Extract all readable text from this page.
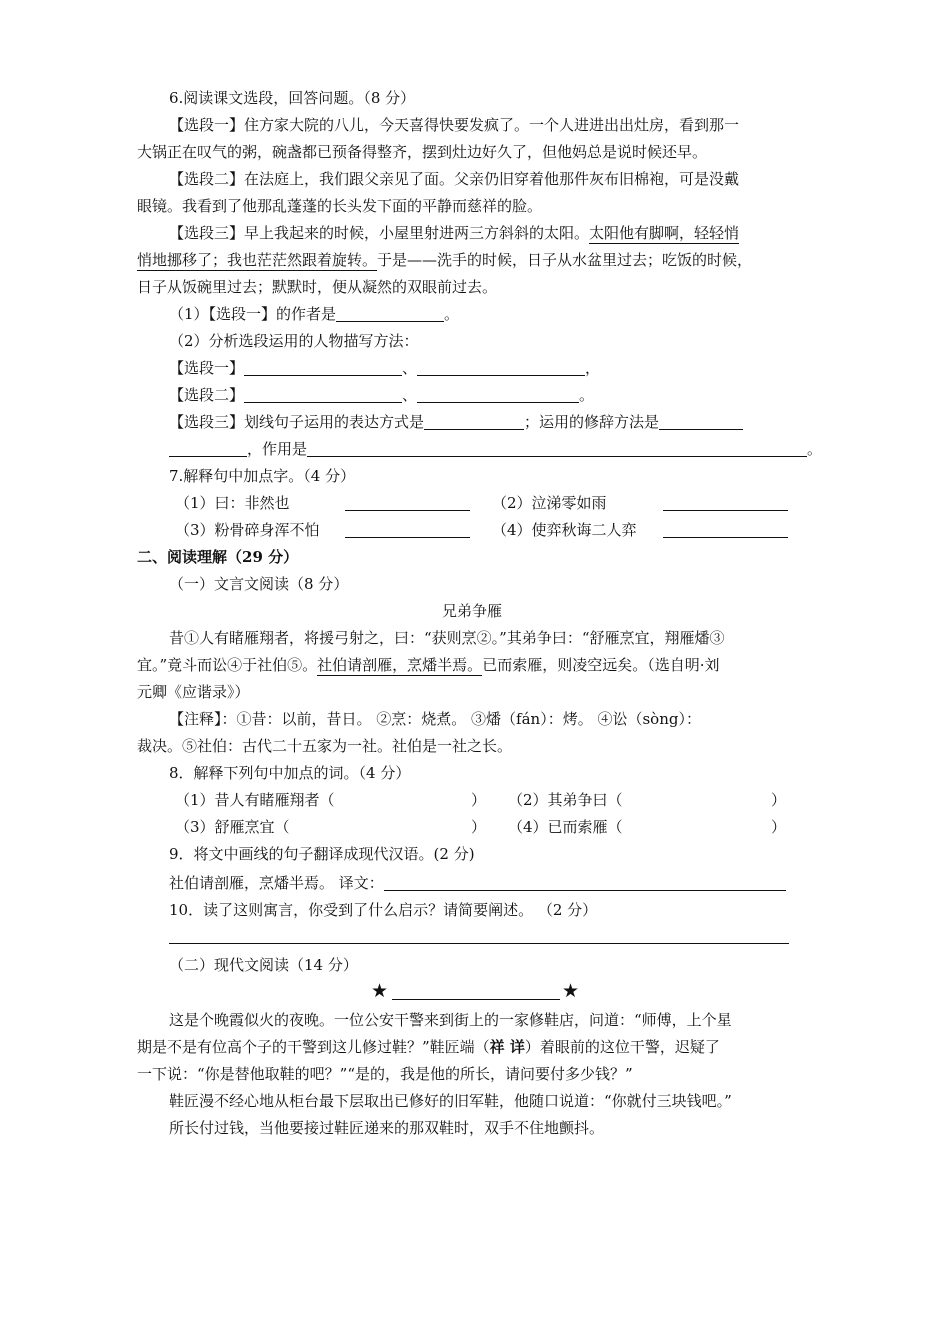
6.阅读课文选段，回答问题。（8 分）
【选段一】住方家大院的八儿，今天喜得快要发疯了。一个人进进出出灶房，看到那一
大锅正在叹气的粥，碗盏都已预备得整齐，摆到灶边好久了，但他妈总是说时候还早。
【选段二】在法庭上，我们跟父亲见了面。父亲仍旧穿着他那件灰布旧棉袍，可是没戴
眼镜。我看到了他那乱蓬蓬的长头发下面的平静而慈祥的脸。
【选段三】早上我起来的时候，小屋里射进两三方斜斜的太阳。太阳他有脚啊，轻轻悄
悄地挪移了；我也茫茫然跟着旋转。于是——洗手的时候，日子从水盆里过去；吃饭的时候，
日子从饭碗里过去；默默时，便从凝然的双眼前过去。
（1）【选段一】的作者是	。
（2）分析选段运用的人物描写方法：
【选段一】	、	，
【选段二】	、	。
【选段三】划线句子运用的表达方式是	；运用的修辞方法是
，作用是	。
7.解释句中加点字。（4 分）
（1）曰：非然也	（2）泣涕零如雨
（3）粉骨碎身浑不怕	（4）使弈秋诲二人弈
二、阅读理解（29 分）
（一）文言文阅读（8 分）
兄弟争雁
昔①人有睹雁翔者，将援弓射之，曰：“获则烹②。”其弟争曰：“舒雁烹宜，翔雁燔③
宜。”竟斗而讼④于社伯⑤。社伯请剖雁，烹燔半焉。已而索雁，则凌空远矣。（选自明·刘
元卿《应谐录》）
【注释】：①昔：以前，昔日。 ②烹：烧煮。 ③燔（fán）：烤。 ④讼（sòng）：
裁决。⑤社伯：古代二十五家为一社。社伯是一社之长。
8．解释下列句中加点的词。（4 分）
（1）昔人有睹雁翔者（	） （2）其弟争曰（	）
（3）舒雁烹宜（	） （4）已而索雁（	）
9．将文中画线的句子翻译成现代汉语。(2 分)
社伯请剖雁，烹燔半焉。 译文：
10．读了这则寓言，你受到了什么启示？请简要阐述。 （2 分）
（二）现代文阅读（14 分）
★	★
这是个晚霞似火的夜晚。一位公安干警来到街上的一家修鞋店，问道：“师傅，上个星
期是不是有位高个子的干警到这儿修过鞋？”鞋匠端（祥 详）着眼前的这位干警，迟疑了
一下说：“你是替他取鞋的吧？”“是的，我是他的所长，请问要付多少钱？”
鞋匠漫不经心地从柜台最下层取出已修好的旧军鞋，他随口说道：“你就付三块钱吧。”
所长付过钱，当他要接过鞋匠递来的那双鞋时，双手不住地颤抖。
